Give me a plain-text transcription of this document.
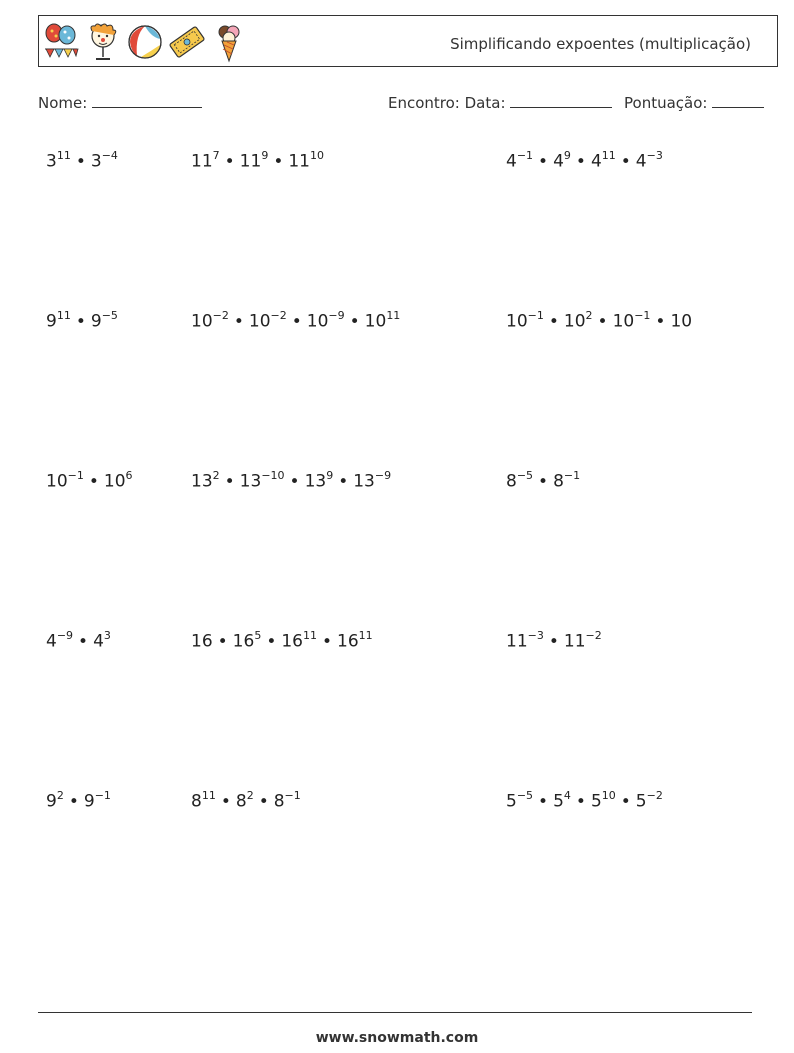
Simplificando expoentes (multiplicação)
Nome:	Encontro: Data:	Pontuação:
$3^{11}$ • $3^{-4}$	$11^7$ • $11^9$ • $11^{10}$	$4^{-1}$ • $4^9$ • $4^{11}$ • $4^{-3}$
$9^{11}$ • $9^{-5}$	$10^{-2}$ • $10^{-2}$ • $10^{-9}$ • $10^{11}$	$10^{-1}$ • $10^2$ • $10^{-1}$ • 10
$10^{-1}$ • $10^6$	$13^2$ • $13^{-10}$ • $13^9$ • $13^{-9}$	$8^{-5}$ • $8^{-1}$
$4^{-9}$ • $4^3$	16 • $16^5$ • $16^{11}$ • $16^{11}$	$11^{-3}$ • $11^{-2}$
$9^2$ • $9^{-1}$	$8^{11}$ • $8^2$ • $8^{-1}$	$5^{-5}$ • $5^4$ • $5^{10}$ • $5^{-2}$
www.snowmath.com
